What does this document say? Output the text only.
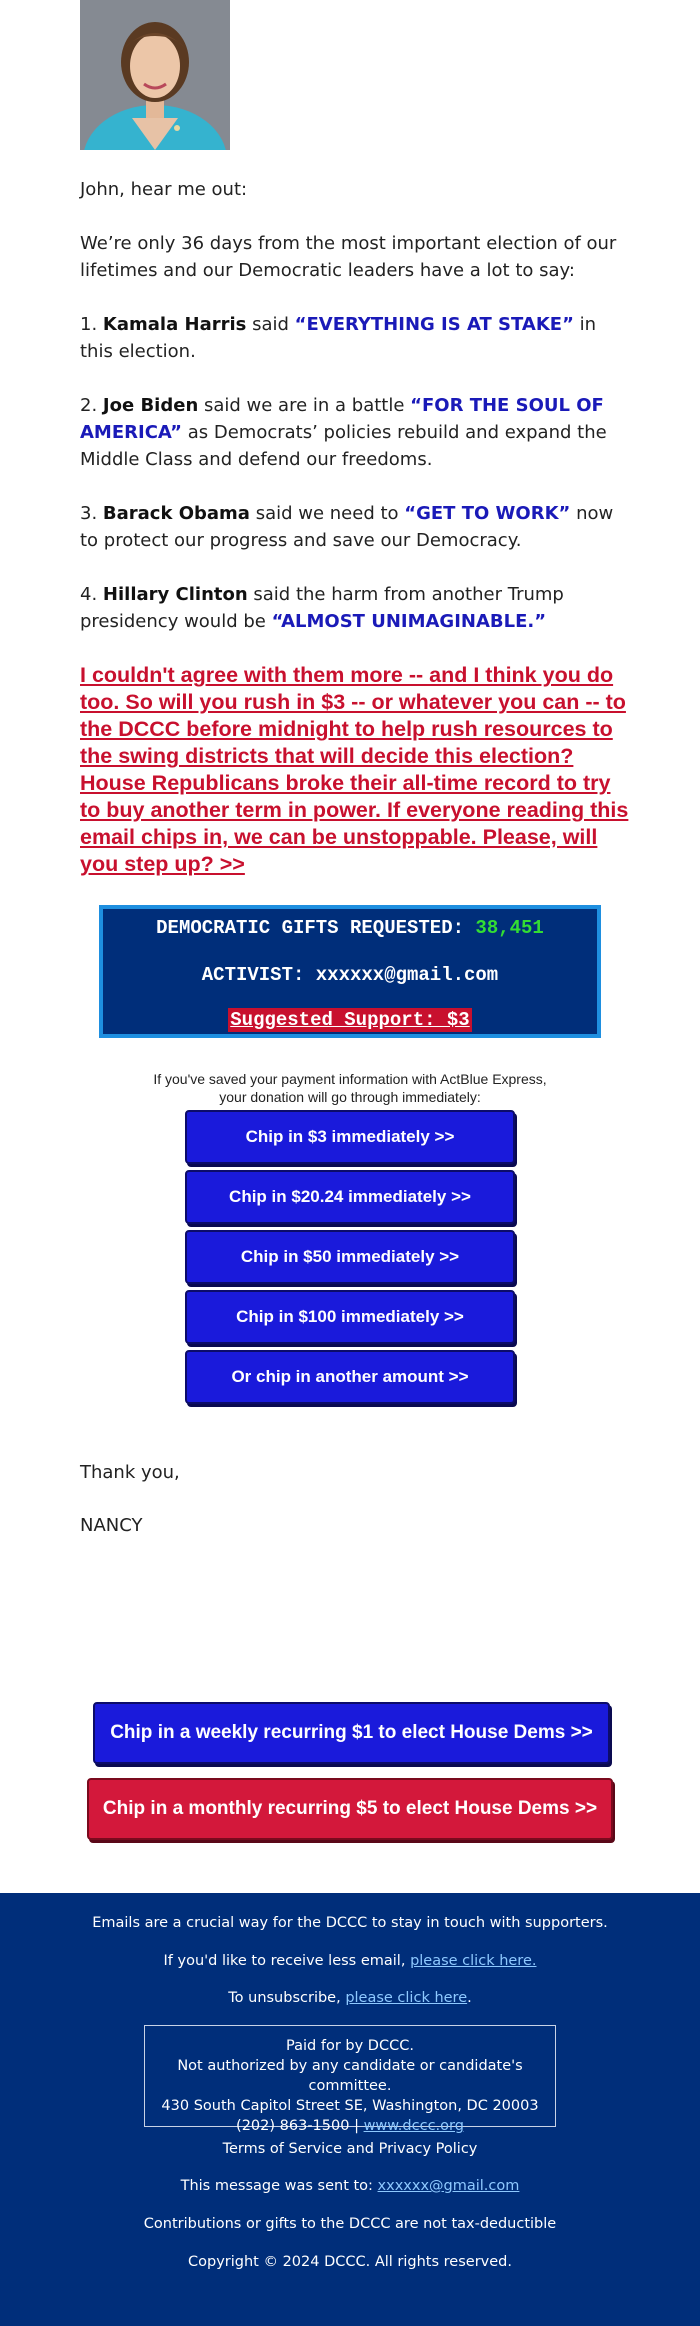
John, hear me out:
We’re only 36 days from the most important election of our lifetimes and our Democratic leaders have a lot to say:
1. Kamala Harris said “EVERYTHING IS AT STAKE” in this election.
2. Joe Biden said we are in a battle “FOR THE SOUL OF AMERICA” as Democrats’ policies rebuild and expand the Middle Class and defend our freedoms.
3. Barack Obama said we need to “GET TO WORK” now to protect our progress and save our Democracy.
4. Hillary Clinton said the harm from another Trump presidency would be “ALMOST UNIMAGINABLE.”
I couldn't agree with them more -- and I think you do too. So will you rush in $3 -- or whatever you can -- to the DCCC before midnight to help rush resources to the swing districts that will decide this election? House Republicans broke their all-time record to try to buy another term in power. If everyone reading this email chips in, we can be unstoppable. Please, will you step up? >>
DEMOCRATIC GIFTS REQUESTED: 38,451
ACTIVIST: xxxxxx@gmail.com
Suggested Support: $3
If you've saved your payment information with ActBlue Express,
your donation will go through immediately:
Chip in $3 immediately >>
Chip in $20.24 immediately >>
Chip in $50 immediately >>
Chip in $100 immediately >>
Or chip in another amount >>
Thank you,
NANCY
Chip in a weekly recurring $1 to elect House Dems >>
Chip in a monthly recurring $5 to elect House Dems >>
Emails are a crucial way for the DCCC to stay in touch with supporters.
If you'd like to receive less email, please click here.
To unsubscribe, please click here.
Paid for by DCCC.
Not authorized by any candidate or candidate's committee.
430 South Capitol Street SE, Washington, DC 20003
(202) 863-1500 | www.dccc.org
Terms of Service and Privacy Policy
This message was sent to: xxxxxx@gmail.com
Contributions or gifts to the DCCC are not tax-deductible
Copyright © 2024 DCCC. All rights reserved.
